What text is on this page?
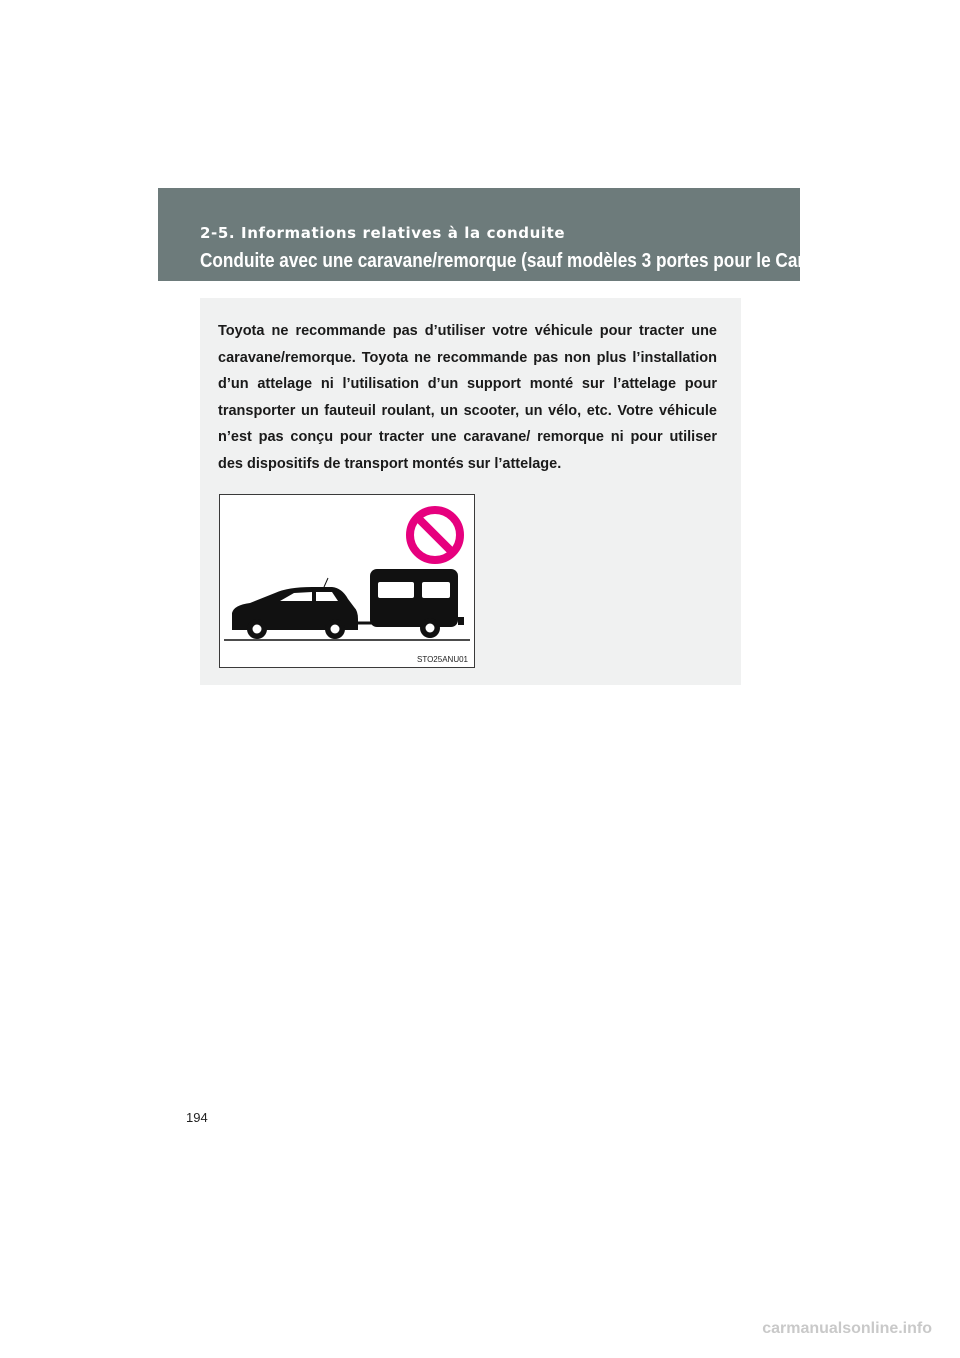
2-5. Informations relatives à la conduite
Conduite avec une caravane/remorque (sauf modèles 3 portes pour le Canada)

Toyota ne recommande pas d’utiliser votre véhicule pour tracter une caravane/remorque. Toyota ne recommande pas non plus l’installation d’un attelage ni l’utilisation d’un support monté sur l’attelage pour transporter un fauteuil roulant, un scooter, un vélo, etc. Votre véhicule n’est pas conçu pour tracter une caravane/ remorque ni pour utiliser des dispositifs de transport montés sur l’attelage.

STO25ANU01
194
carmanualsonline.info
